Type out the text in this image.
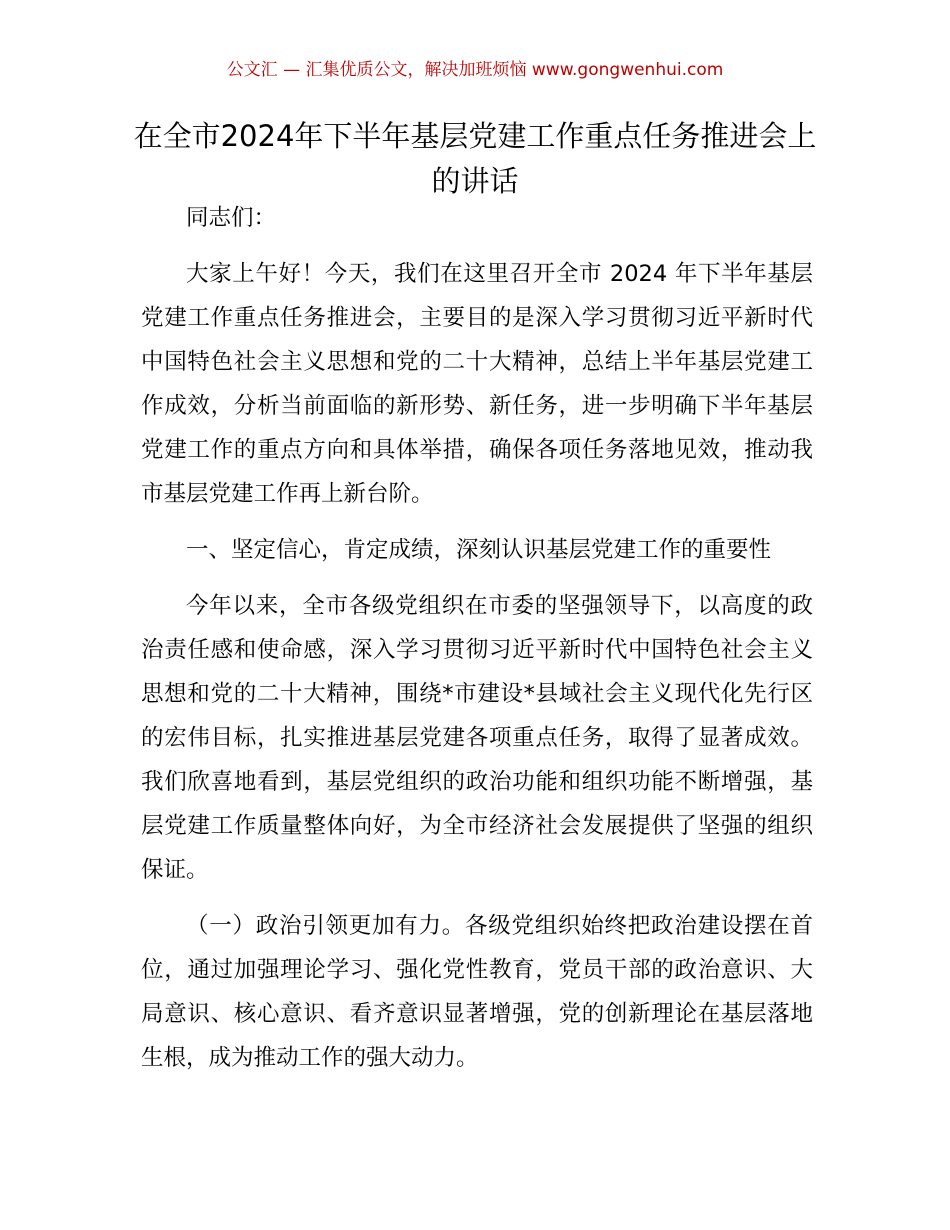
公文汇 — 汇集优质公文，解决加班烦恼 www.gongwenhui.com
在全市2024年下半年基层党建工作重点任务推进会上的讲话

同志们：

大家上午好！今天，我们在这里召开全市 2024 年下半年基层党建工作重点任务推进会，主要目的是深入学习贯彻习近平新时代中国特色社会主义思想和党的二十大精神，总结上半年基层党建工作成效，分析当前面临的新形势、新任务，进一步明确下半年基层党建工作的重点方向和具体举措，确保各项任务落地见效，推动我市基层党建工作再上新台阶。

一、坚定信心，肯定成绩，深刻认识基层党建工作的重要性

今年以来，全市各级党组织在市委的坚强领导下，以高度的政治责任感和使命感，深入学习贯彻习近平新时代中国特色社会主义思想和党的二十大精神，围绕*市建设*县域社会主义现代化先行区的宏伟目标，扎实推进基层党建各项重点任务，取得了显著成效。我们欣喜地看到，基层党组织的政治功能和组织功能不断增强，基层党建工作质量整体向好，为全市经济社会发展提供了坚强的组织保证。

（一）政治引领更加有力。各级党组织始终把政治建设摆在首位，通过加强理论学习、强化党性教育，党员干部的政治意识、大局意识、核心意识、看齐意识显著增强，党的创新理论在基层落地生根，成为推动工作的强大动力。
